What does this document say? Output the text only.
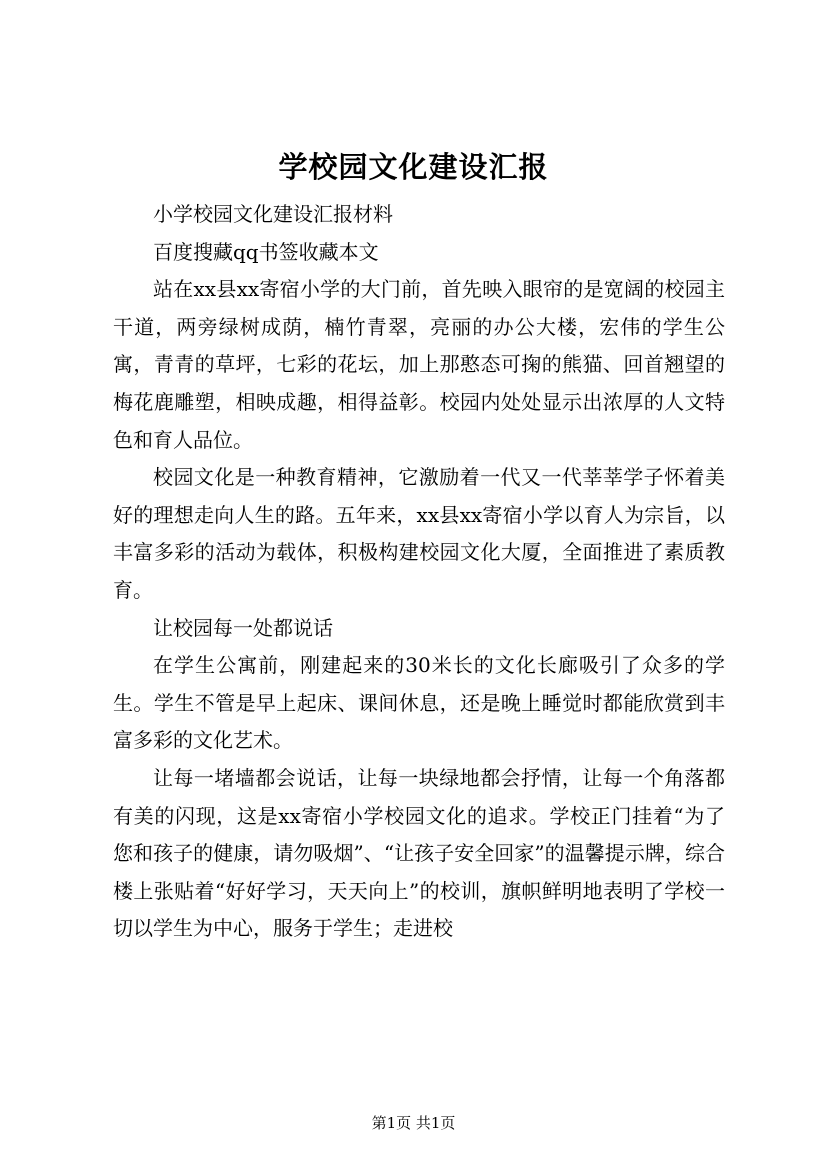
学校园文化建设汇报

小学校园文化建设汇报材料

百度搜藏qq书签收藏本文

站在xx县xx寄宿小学的大门前，首先映入眼帘的是宽阔的校园主干道，两旁绿树成荫，楠竹青翠，亮丽的办公大楼，宏伟的学生公寓，青青的草坪，七彩的花坛，加上那憨态可掬的熊猫、回首翘望的梅花鹿雕塑，相映成趣，相得益彰。校园内处处显示出浓厚的人文特色和育人品位。

校园文化是一种教育精神，它激励着一代又一代莘莘学子怀着美好的理想走向人生的路。五年来，xx县xx寄宿小学以育人为宗旨，以丰富多彩的活动为载体，积极构建校园文化大厦，全面推进了素质教育。

让校园每一处都说话

在学生公寓前，刚建起来的30米长的文化长廊吸引了众多的学生。学生不管是早上起床、课间休息，还是晚上睡觉时都能欣赏到丰富多彩的文化艺术。

让每一堵墙都会说话，让每一块绿地都会抒情，让每一个角落都有美的闪现，这是xx寄宿小学校园文化的追求。学校正门挂着“为了您和孩子的健康，请勿吸烟”、“让孩子安全回家”的温馨提示牌，综合楼上张贴着“好好学习，天天向上”的校训，旗帜鲜明地表明了学校一切以学生为中心，服务于学生；走进校

第1页 共1页
